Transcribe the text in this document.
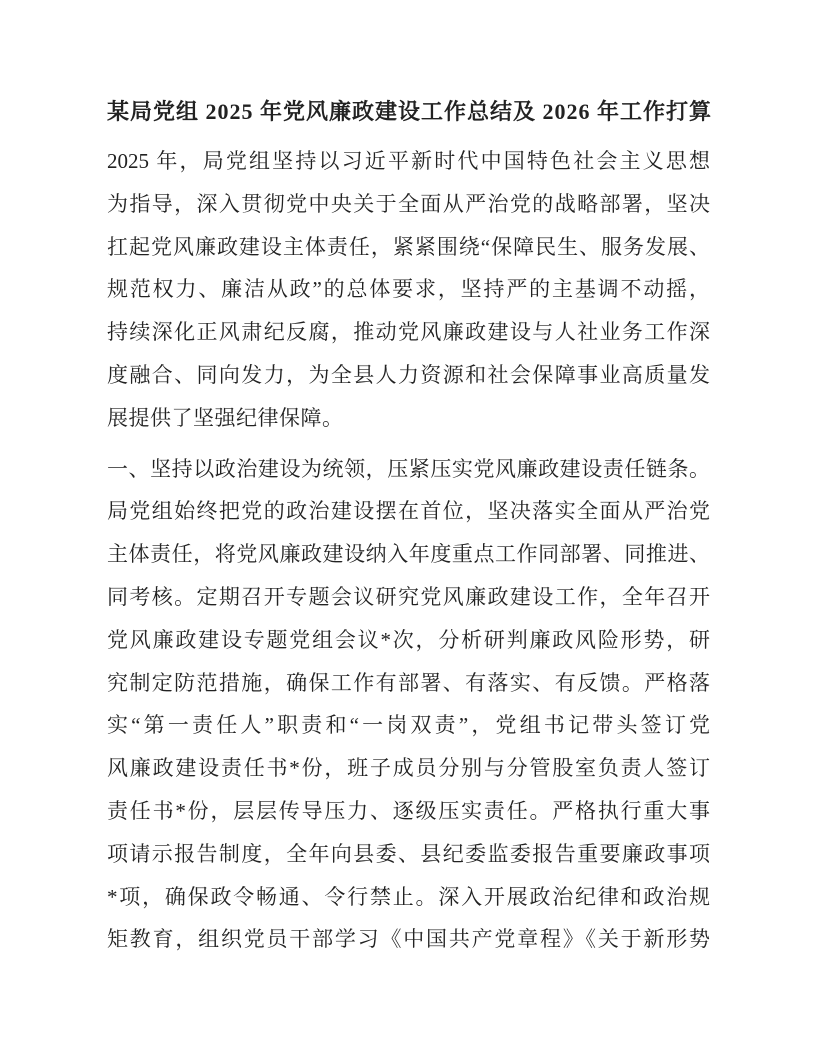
某局党组 2025 年党风廉政建设工作总结及 2026 年工作打算
2025 年，局党组坚持以习近平新时代中国特色社会主义思想
为指导，深入贯彻党中央关于全面从严治党的战略部署，坚决
扛起党风廉政建设主体责任，紧紧围绕“保障民生、服务发展、
规范权力、廉洁从政”的总体要求，坚持严的主基调不动摇，
持续深化正风肃纪反腐，推动党风廉政建设与人社业务工作深
度融合、同向发力，为全县人力资源和社会保障事业高质量发
展提供了坚强纪律保障。
一、坚持以政治建设为统领，压紧压实党风廉政建设责任链条。
局党组始终把党的政治建设摆在首位，坚决落实全面从严治党
主体责任，将党风廉政建设纳入年度重点工作同部署、同推进、
同考核。定期召开专题会议研究党风廉政建设工作，全年召开
党风廉政建设专题党组会议*次，分析研判廉政风险形势，研
究制定防范措施，确保工作有部署、有落实、有反馈。严格落
实“第一责任人”职责和“一岗双责”，党组书记带头签订党
风廉政建设责任书*份，班子成员分别与分管股室负责人签订
责任书*份，层层传导压力、逐级压实责任。严格执行重大事
项请示报告制度，全年向县委、县纪委监委报告重要廉政事项
*项，确保政令畅通、令行禁止。深入开展政治纪律和政治规
矩教育，组织党员干部学习《中国共产党章程》《关于新形势
